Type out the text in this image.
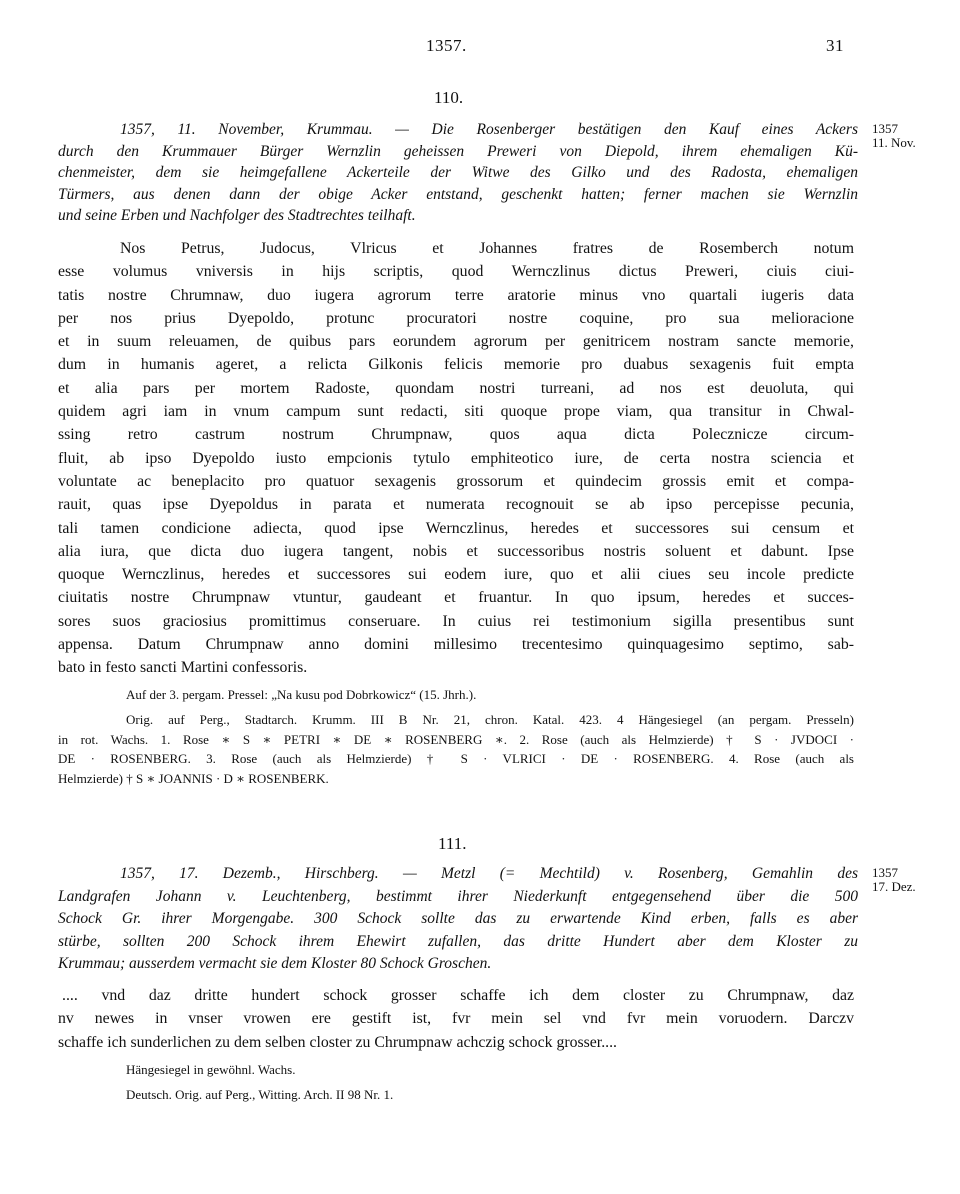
1357.	31
110.
1357
11. Nov.
1357, 11. November, Krummau. — Die Rosenberger bestätigen den Kauf eines Ackers
durch den Krummauer Bürger Wernzlin geheissen Preweri von Diepold, ihrem ehemaligen Kü-
chenmeister, dem sie heimgefallene Ackerteile der Witwe des Gilko und des Radosta, ehemaligen
Türmers, aus denen dann der obige Acker entstand, geschenkt hatten; ferner machen sie Wernzlin
und seine Erben und Nachfolger des Stadtrechtes teilhaft.
Nos Petrus, Judocus, Vlricus et Johannes fratres de Rosemberch notum
esse volumus vniversis in hijs scriptis, quod Wernczlinus dictus Preweri, ciuis ciui-
tatis nostre Chrumnaw, duo iugera agrorum terre aratorie minus vno quartali iugeris data
per nos prius Dyepoldo, protunc procuratori nostre coquine, pro sua melioracione
et in suum releuamen, de quibus pars eorundem agrorum per genitricem nostram sancte memorie,
dum in humanis ageret, a relicta Gilkonis felicis memorie pro duabus sexagenis fuit empta
et alia pars per mortem Radoste, quondam nostri turreani, ad nos est deuoluta, qui
quidem agri iam in vnum campum sunt redacti, siti quoque prope viam, qua transitur in Chwal-
ssing retro castrum nostrum Chrumpnaw, quos aqua dicta Polecznicze circum-
fluit, ab ipso Dyepoldo iusto empcionis tytulo emphiteotico iure, de certa nostra sciencia et
voluntate ac beneplacito pro quatuor sexagenis grossorum et quindecim grossis emit et compa-
rauit, quas ipse Dyepoldus in parata et numerata recognouit se ab ipso percepisse pecunia,
tali tamen condicione adiecta, quod ipse Wernczlinus, heredes et successores sui censum et
alia iura, que dicta duo iugera tangent, nobis et successoribus nostris soluent et dabunt. Ipse
quoque Wernczlinus, heredes et successores sui eodem iure, quo et alii ciues seu incole predicte
ciuitatis nostre Chrumpnaw vtuntur, gaudeant et fruantur. In quo ipsum, heredes et succes-
sores suos graciosius promittimus conseruare. In cuius rei testimonium sigilla presentibus sunt
appensa. Datum Chrumpnaw anno domini millesimo trecentesimo quinquagesimo septimo, sab-
bato in festo sancti Martini confessoris.
Auf der 3. pergam. Pressel: „Na kusu pod Dobrkowicz“ (15. Jhrh.).
Orig. auf Perg., Stadtarch. Krumm. III B Nr. 21, chron. Katal. 423. 4 Hängesiegel (an pergam. Presseln)
in rot. Wachs. 1. Rose ∗ S ∗ PETRI ∗ DE ∗ ROSENBERG ∗. 2. Rose (auch als Helmzierde) † S · JVDOCI ·
DE · ROSENBERG. 3. Rose (auch als Helmzierde) † S · VLRICI · DE · ROSENBERG. 4. Rose (auch als
Helmzierde) † S ∗ JOANNIS · D ∗ ROSENBERK.
111.
1357
17. Dez.
1357, 17. Dezemb., Hirschberg. — Metzl (= Mechtild) v. Rosenberg, Gemahlin des
Landgrafen Johann v. Leuchtenberg, bestimmt ihrer Niederkunft entgegensehend über die 500
Schock Gr. ihrer Morgengabe. 300 Schock sollte das zu erwartende Kind erben, falls es aber
stürbe, sollten 200 Schock ihrem Ehewirt zufallen, das dritte Hundert aber dem Kloster zu
Krummau; ausserdem vermacht sie dem Kloster 80 Schock Groschen.
.... vnd daz dritte hundert schock grosser schaffe ich dem closter zu Chrumpnaw, daz
nv newes in vnser vrowen ere gestift ist, fvr mein sel vnd fvr mein voruodern. Darczv
schaffe ich sunderlichen zu dem selben closter zu Chrumpnaw achczig schock grosser....
Hängesiegel in gewöhnl. Wachs.
Deutsch. Orig. auf Perg., Witting. Arch. II 98 Nr. 1.
